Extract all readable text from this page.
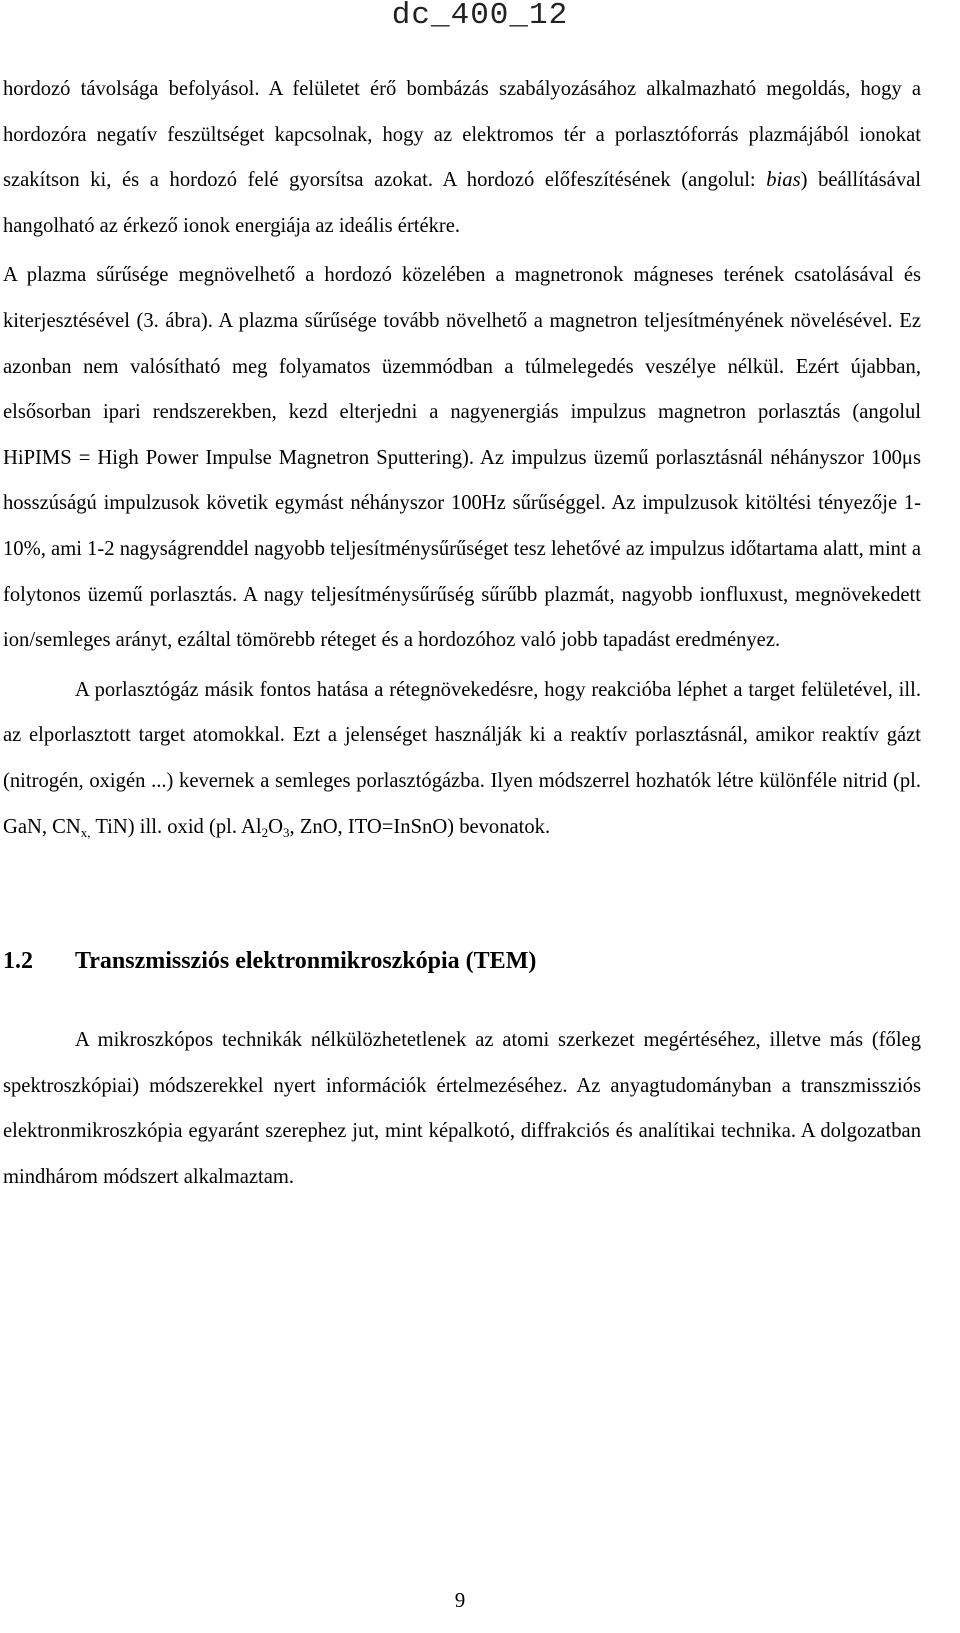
dc_400_12

hordozó távolsága befolyásol. A felületet érő bombázás szabályozásához alkalmazható megoldás, hogy a hordozóra negatív feszültséget kapcsolnak, hogy az elektromos tér a porlasztóforrás plazmájából ionokat szakítson ki, és a hordozó felé gyorsítsa azokat. A hordozó előfeszítésének (angolul: bias) beállításával hangolható az érkező ionok energiája az ideális értékre.

A plazma sűrűsége megnövelhető a hordozó közelében a magnetronok mágneses terének csatolásával és kiterjesztésével (3. ábra). A plazma sűrűsége tovább növelhető a magnetron teljesítményének növelésével. Ez azonban nem valósítható meg folyamatos üzemmódban a túlmelegedés veszélye nélkül. Ezért újabban, elsősorban ipari rendszerekben, kezd elterjedni a nagyenergiás impulzus magnetron porlasztás (angolul HiPIMS = High Power Impulse Magnetron Sputtering). Az impulzus üzemű porlasztásnál néhányszor 100μs hosszúságú impulzusok követik egymást néhányszor 100Hz sűrűséggel. Az impulzusok kitöltési tényezője 1-10%, ami 1-2 nagyságrenddel nagyobb teljesítménysűrűséget tesz lehetővé az impulzus időtartama alatt, mint a folytonos üzemű porlasztás. A nagy teljesítménysűrűség sűrűbb plazmát, nagyobb ionfluxust, megnövekedett ion/semleges arányt, ezáltal tömörebb réteget és a hordozóhoz való jobb tapadást eredményez.

A porlasztógáz másik fontos hatása a rétegnövekedésre, hogy reakcióba léphet a target felületével, ill. az elporlasztott target atomokkal. Ezt a jelenséget használják ki a reaktív porlasztásnál, amikor reaktív gázt (nitrogén, oxigén ...) kevernek a semleges porlasztógázba. Ilyen módszerrel hozhatók létre különféle nitrid (pl. GaN, $CN_{x,}$ TiN) ill. oxid (pl. $Al_2O_3$, ZnO, ITO=InSnO) bevonatok.

1.2 Transzmissziós elektronmikroszkópia (TEM)

A mikroszkópos technikák nélkülözhetetlenek az atomi szerkezet megértéséhez, illetve más (főleg spektroszkópiai) módszerekkel nyert információk értelmezéséhez. Az anyagtudományban a transzmissziós elektronmikroszkópia egyaránt szerephez jut, mint képalkotó, diffrakciós és analítikai technika. A dolgozatban mindhárom módszert alkalmaztam.

9
